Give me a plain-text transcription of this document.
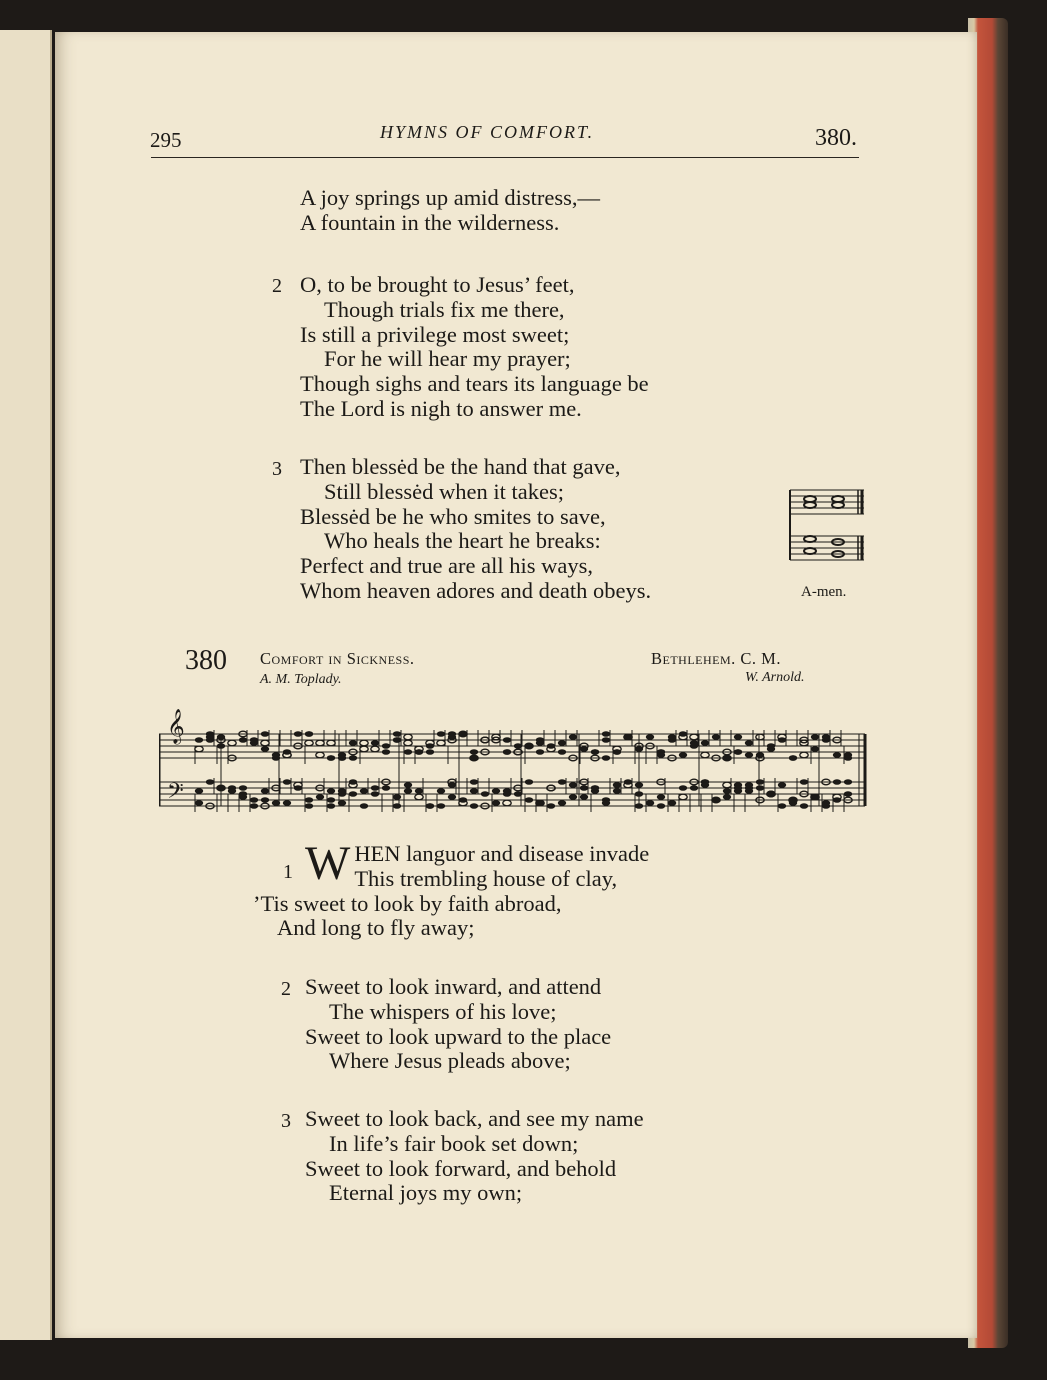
295	HYMNS OF COMFORT.	380.
A joy springs up amid distress,—
A fountain in the wilderness.
2 O, to be brought to Jesus’ feet,
Though trials fix me there,
Is still a privilege most sweet;
For he will hear my prayer;
Though sighs and tears its language be
The Lord is nigh to answer me.
3 Then blessėd be the hand that gave,
Still blessėd when it takes;
Blessėd be he who smites to save,
Who heals the heart he breaks:
Perfect and true are all his ways,
Whom heaven adores and death obeys.	A-men.
380 Comfort in Sickness.	Bethlehem. C. M.
A. M. Toplady.	W. Arnold.
𝄞
𝄢
1 W HEN languor and disease invade
This trembling house of clay,
’Tis sweet to look by faith abroad,
And long to fly away;
2 Sweet to look inward, and attend
The whispers of his love;
Sweet to look upward to the place
Where Jesus pleads above;
3 Sweet to look back, and see my name
In life’s fair book set down;
Sweet to look forward, and behold
Eternal joys my own;
